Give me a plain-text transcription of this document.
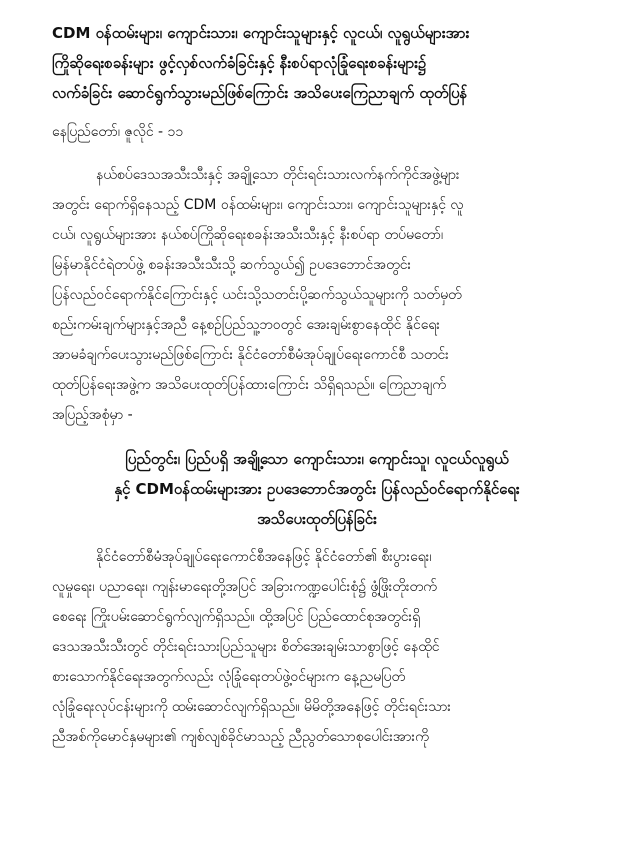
CDM ဝန်ထမ်းများ၊ ကျောင်းသား၊ ကျောင်းသူများနှင့် လူငယ်၊ လူရွယ်များအား
ကြိုဆိုရေးစခန်းများ ဖွင့်လှစ်လက်ခံခြင်းနှင့် နီးစပ်ရာလုံခြုံရေးစခန်းများ၌
လက်ခံခြင်း ဆောင်ရွက်သွားမည်ဖြစ်ကြောင်း အသိပေးကြေညာချက် ထုတ်ပြန်
နေပြည်တော်၊ ဇူလိုင် - ၁၁
နယ်စပ်ဒေသအသီးသီးနှင့် အချို့သော တိုင်းရင်းသားလက်နက်ကိုင်အဖွဲ့များ
အတွင်း ရောက်ရှိနေသည့် CDM ဝန်ထမ်းများ၊ ကျောင်းသား၊ ကျောင်းသူများနှင့် လူ
ငယ်၊ လူရွယ်များအား နယ်စပ်ကြိုဆိုရေးစခန်းအသီးသီးနှင့် နီးစပ်ရာ တပ်မတော်၊
မြန်မာနိုင်ငံရဲတပ်ဖွဲ့ စခန်းအသီးသီးသို့ ဆက်သွယ်၍ ဥပဒေဘောင်အတွင်း
ပြန်လည်ဝင်ရောက်နိုင်ကြောင်းနှင့် ယင်းသို့သတင်းပို့ဆက်သွယ်သူများကို သတ်မှတ်
စည်းကမ်းချက်များနှင့်အညီ နေ့စဉ်ပြည်သူ့ဘဝတွင် အေးချမ်းစွာနေထိုင် နိုင်ရေး
အာမခံချက်ပေးသွားမည်ဖြစ်ကြောင်း နိုင်ငံတော်စီမံအုပ်ချုပ်ရေးကောင်စီ သတင်း
ထုတ်ပြန်ရေးအဖွဲ့က အသိပေးထုတ်ပြန်ထားကြောင်း သိရှိရသည်။ ကြေညာချက်
အပြည့်အစုံမှာ -
ပြည်တွင်း၊ ပြည်ပရှိ အချို့သော ကျောင်းသား၊ ကျောင်းသူ၊ လူငယ်လူရွယ်
နှင့် CDMဝန်ထမ်းများအား ဥပဒေဘောင်အတွင်း ပြန်လည်ဝင်ရောက်နိုင်ရေး
အသိပေးထုတ်ပြန်ခြင်း
နိုင်ငံတော်စီမံအုပ်ချုပ်ရေးကောင်စီအနေဖြင့် နိုင်ငံတော်၏ စီးပွားရေး၊
လူမှုရေး၊ ပညာရေး၊ ကျန်းမာရေးတို့အပြင် အခြားကဏ္ဍပေါင်းစုံ၌ ဖွံ့ဖြိုးတိုးတက်
စေရေး ကြိုးပမ်းဆောင်ရွက်လျက်ရှိသည်။ ထို့အပြင် ပြည်ထောင်စုအတွင်းရှိ
ဒေသအသီးသီးတွင် တိုင်းရင်းသားပြည်သူများ စိတ်အေးချမ်းသာစွာဖြင့် နေထိုင်
စားသောက်နိုင်ရေးအတွက်လည်း လုံခြုံရေးတပ်ဖွဲ့ဝင်များက နေ့ညမပြတ်
လုံခြုံရေးလုပ်ငန်းများကို ထမ်းဆောင်လျက်ရှိသည်။ မိမိတို့အနေဖြင့် တိုင်းရင်းသား
ညီအစ်ကိုမောင်နှမများ၏ ကျစ်လျစ်ခိုင်မာသည့် ညီညွတ်သောစုပေါင်းအားကို
